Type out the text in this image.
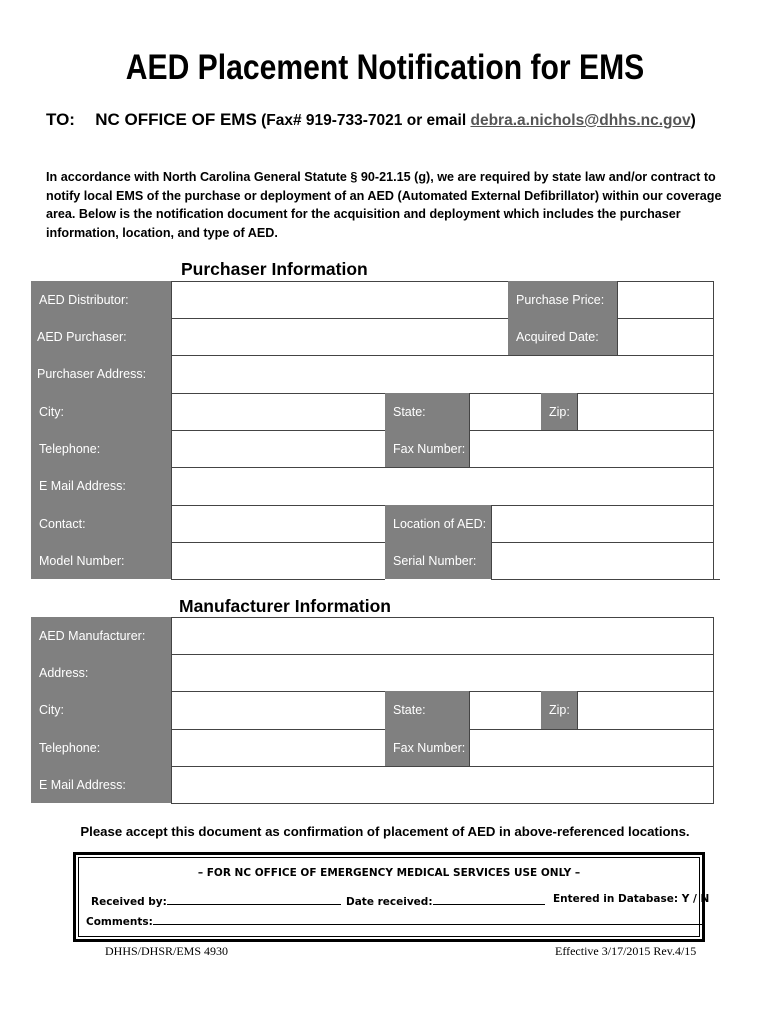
AED Placement Notification for EMS
TO: NC OFFICE OF EMS (Fax# 919-733-7021 or email debra.a.nichols@dhhs.nc.gov)
In accordance with North Carolina General Statute § 90-21.15 (g), we are required by state law and/or contract to notify local EMS of the purchase or deployment of an AED (Automated External Defibrillator) within our coverage area. Below is the notification document for the acquisition and deployment which includes the purchaser information, location, and type of AED.
Purchaser Information
AED Distributor:	Purchase Price:
AED Purchaser:	Acquired Date:
Purchaser Address:
City:	State:	Zip:
Telephone:	Fax Number:
E Mail Address:
Contact:	Location of AED:
Model Number:	Serial Number:
Manufacturer Information
AED Manufacturer:
Address:
City:	State:	Zip:
Telephone:	Fax Number:
E Mail Address:
Please accept this document as confirmation of placement of AED in above-referenced locations.
– FOR NC OFFICE OF EMERGENCY MEDICAL SERVICES USE ONLY –
Received by:	Date received:	Entered in Database: Y / N
Comments:
DHHS/DHSR/EMS 4930	Effective 3/17/2015 Rev.4/15
